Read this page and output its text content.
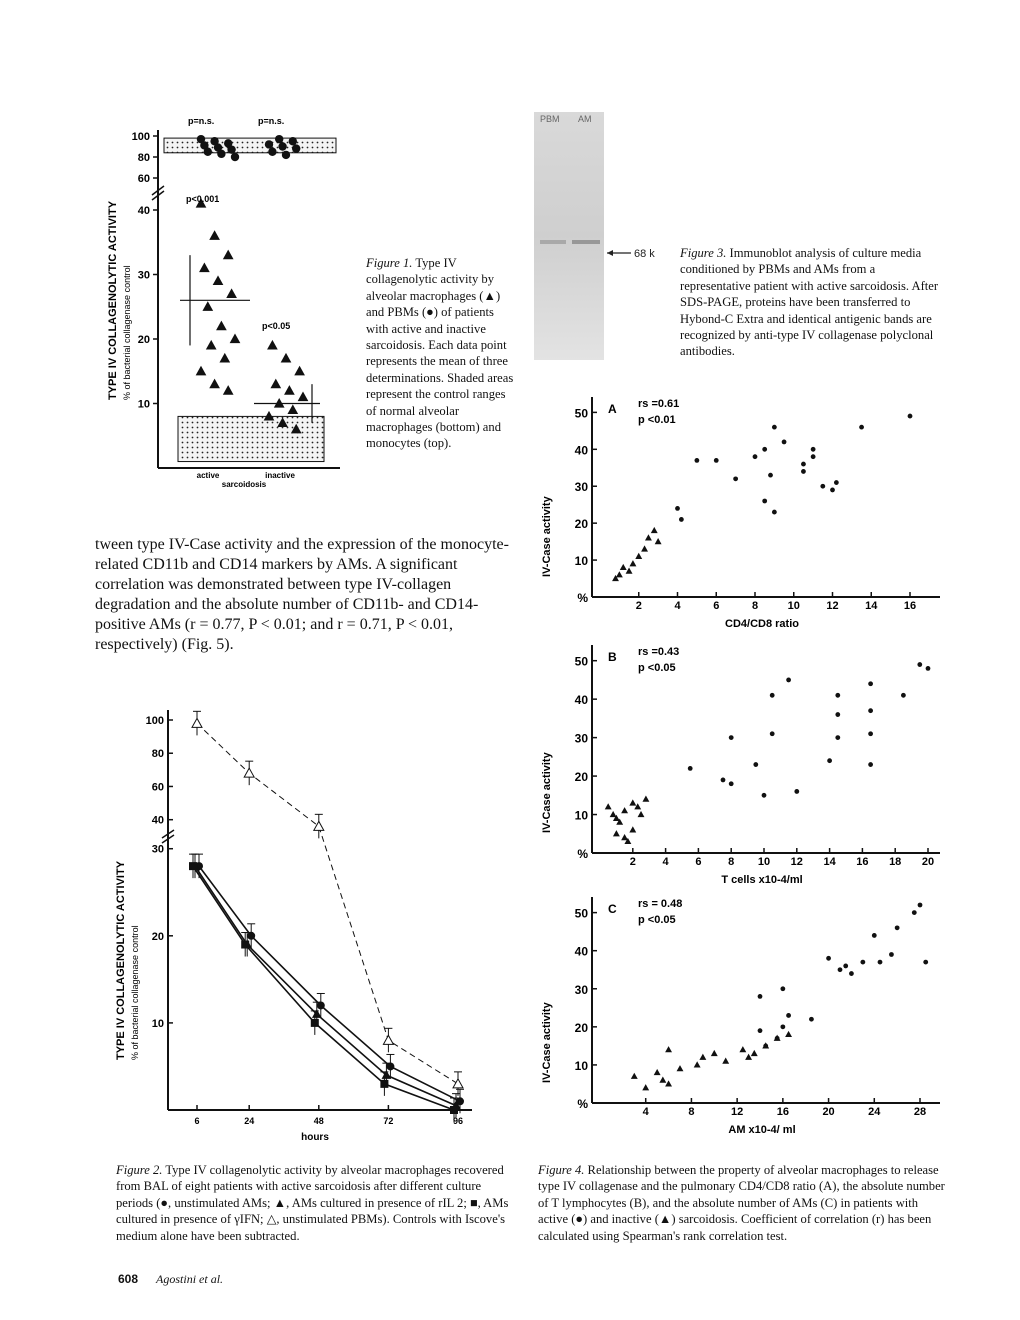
100
80
60
40
30
20
10
TYPE IV COLLAGENOLYTIC ACTIVITY % of bacterial collagenase control
p=n.s.	p=n.s.
p<0.001
p<0.05
active	inactive
sarcoidosis
Figure 1. Type IV collagenolytic activity by alveolar macrophages (▲) and PBMs (●) of patients with active and inactive sarcoidosis. Each data point represents the mean of three determinations. Shaded areas represent the control ranges of normal alveolar macrophages (bottom) and monocytes (top).
tween type IV-Case activity and the expression of the monocyte-related CD11b and CD14 markers by AMs. A significant correlation was demonstrated between type IV-collagen degradation and the absolute number of CD11b- and CD14-positive AMs (r = 0.77, P < 0.01; and r = 0.71, P < 0.01, respectively) (Fig. 5).
100
80
60
40
30
20
10
6	24	48	72	96
hours
TYPE IV COLLAGENOLYTIC ACTIVITY % of bacterial collagenase control
Figure 2. Type IV collagenolytic activity by alveolar macrophages recovered from BAL of eight patients with active sarcoidosis after different culture periods (●, unstimulated AMs; ▲, AMs cultured in presence of rIL 2; ■, AMs cultured in presence of γIFN; △, unstimulated PBMs). Controls with Iscove's medium alone have been subtracted.
PBM AM
68 k Figure 3. Immunoblot analysis of culture media conditioned by PBMs and AMs from a representative patient with active sarcoidosis. After SDS-PAGE, proteins have been transferred to Hybond-C Extra and identical antigenic bands are recognized by anti-type IV collagenase polyclonal antibodies.
50
40
30
20
10
%
IV-Case activity
2	4	6	8	10 12 14 16
CD4/CD8 ratio
A rs =0.61
p <0.01
50
40
30
20
10
%
IV-Case activity
2 4 6 8 10 12 14 16 18 20
T cells x10-4/ml
B rs =0.43
p <0.05
50
40
30
20
10
%
IV-Case activity
4	8	12	16	20	24	28
AM x10-4/ ml
C rs = 0.48
p <0.05
Figure 4. Relationship between the property of alveolar macrophages to release type IV collagenase and the pulmonary CD4/CD8 ratio (A), the absolute number of T lymphocytes (B), and the absolute number of AMs (C) in patients with active (●) and inactive (▲) sarcoidosis. Coefficient of correlation (r) has been calculated using Spearman's rank correlation test.
608 Agostini et al.
